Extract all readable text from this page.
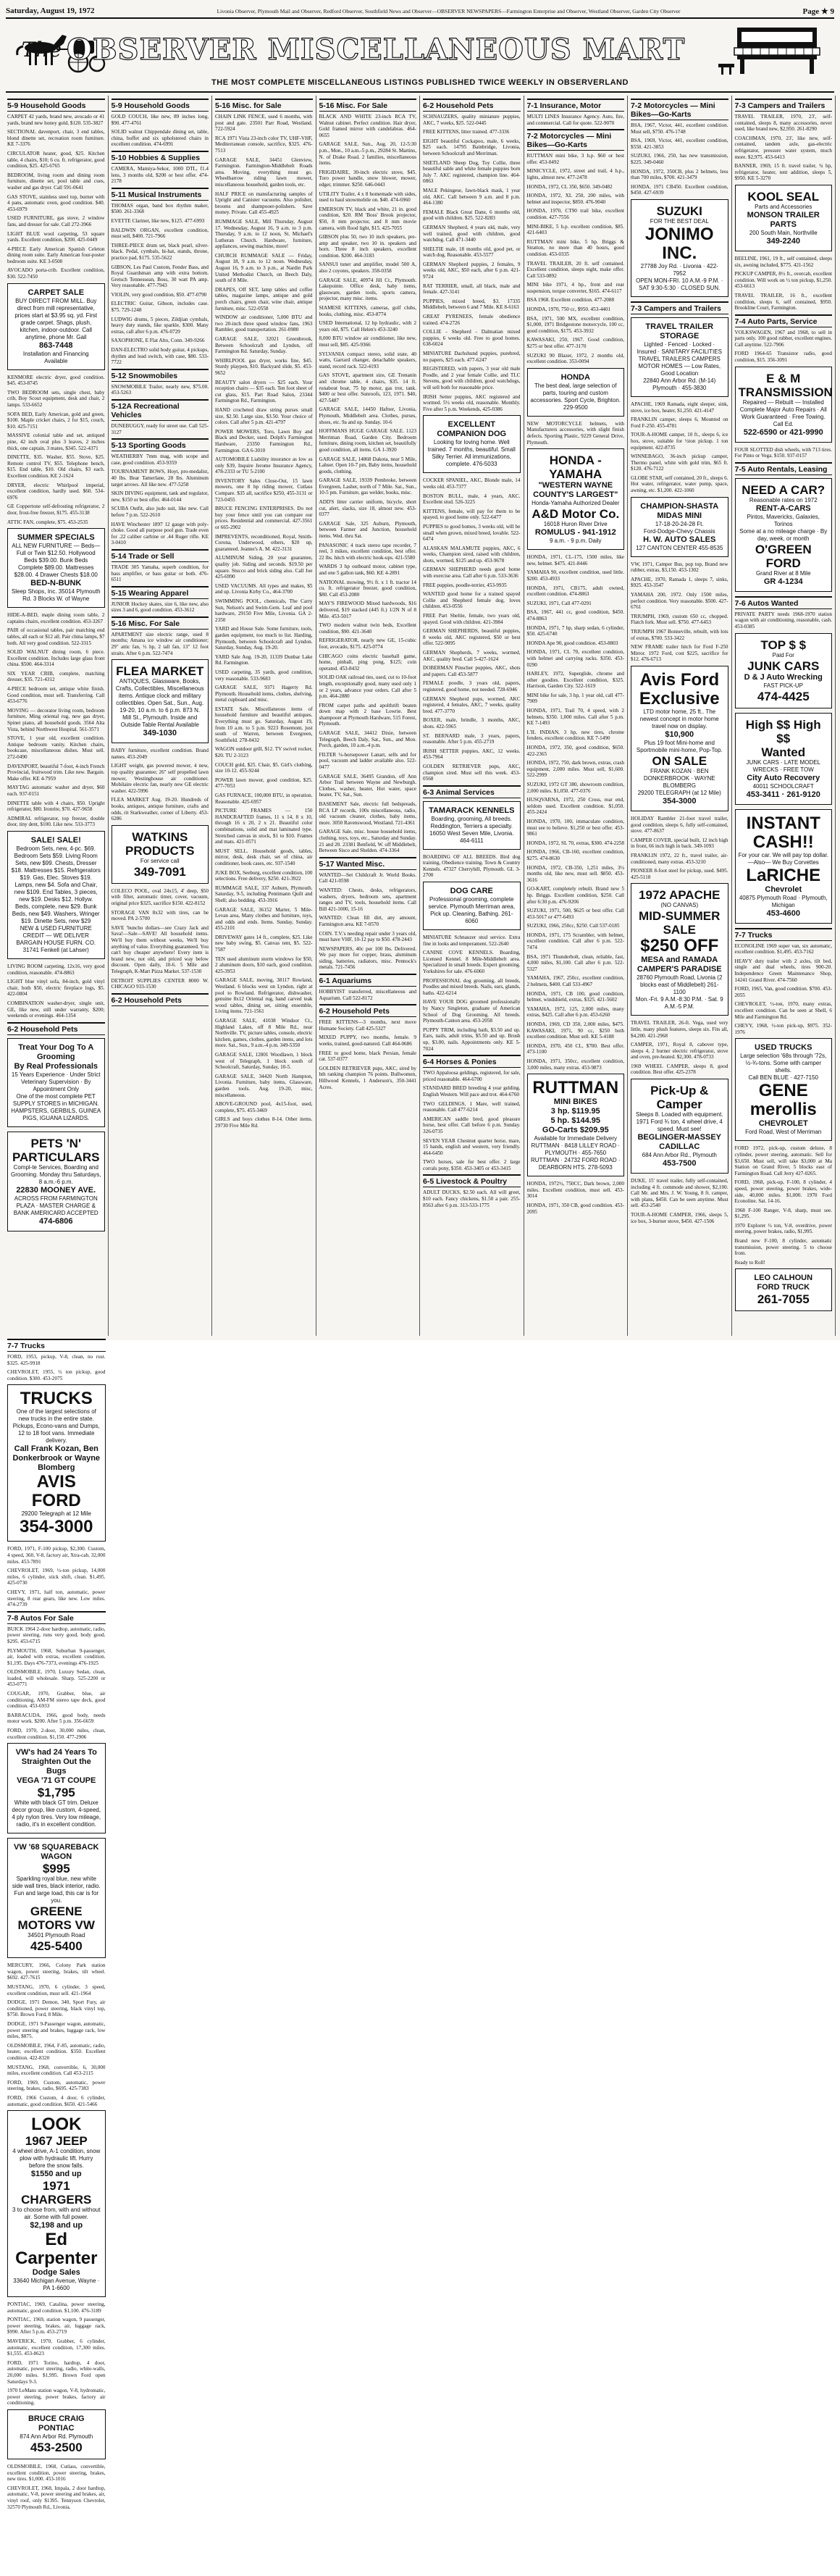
Saturday, August 19, 1972	Livonia Observer, Plymouth Mail and Observer, Redford Observer, Southfield News and Observer—OBSERVER NEWSPAPERS—Farmington Enterprise and Observer, Westland Observer, Garden City Observer	Page ★ 9
The OBSERVER MISCELLANEOUS MART
THE MOST COMPLETE MISCELLANEOUS LISTINGS PUBLISHED TWICE WEEKLY IN OBSERVERLAND
5-9 Household Goods

CARPET 42 yards, brand new, avocado or 41 yards, brand new honey gold, $120. 535-3827

SECTIONAL davenport, chair, 3 end tables, blond dinette set, recreation room furniture. KE 7-3376

CIRCULATOR heater, good, $25. Kitchen table, 4 chairs, $10; 6 cu. ft. refrigerator, good condition, $25. 425-6765

BEDROOM, living room and dining room furniture, dinette set, pool table and cues, washer and gas dryer. Call 591-0641

GAS STOVE, stainless steel top, burner with 4 pans, automatic oven, good condition. $40. 453-6979

USED FURNITURE, gas stove, 2 window fans, and dresser for sale. Call 272-3966

LIGHT BLUE wool carpeting, 53 square yards. Excellent condition, $200. 425-0449

4-PIECE Early American Spanish Celeton dining room suite. Early American four-poster bedroom suite. KE 3-0500

AVOCADO porta-crib. Excellent condition, $30. 522-7450

CARPET SALE
BUY DIRECT FROM MILL. Buy direct from mill representative, prices start at $3.95 sq. yd. First grade carpet. Shags, plush, kitchen, indoor-outdoor. Call anytime, phone Mr. Gail
863-7448
Installation and Financing Available

KENMORE electric dryer, good condition. $45. 453-8745

TWO BEDROOM sets, single chest, baby crib, Boy Scout equipment, desk and chair, 2 lamps. 533-6652

SOFA BED, Early American, gold and green, $100. Maple cricket chairs, 2 for $15, couch, $10. 425-7151

MASSIVE colonial table and set, antiqued pine, 42 inch oval plus 3 leaves, 2 inches thick, one captain, 3 mates, $345. 522-4371

DINETTE, $35. Washer, $55. Stove, $25. Remote control TV, $55. Telephone bench, $15. End table, $10. Old chairs, $3 each. Excellent condition. KE 2-1624

DRYER, electric Whirlpool imperial, excellent condition, hardly used. $60. 534-6976

GE Coppertone self-defrosting refrigerator, 2 door, frost-free freezer, $175. 455-3138

ATTIC FAN, complete, $75. 453-2535

SUMMER SPECIALS
ALL NEW FURNITURE — Beds—Full or Twin $12.50. Hollywood Beds $39.00. Bunk Beds Complete $89.00. Mattresses $28.00. 4 Drawer Chests $18.00
BED-N-BUNK
Sleep Shops, Inc. 35014 Plymouth Rd. 3 Blocks W. of Wayne

HIDE-A-BED, maple dining room table, 2 captains chairs, excellent condition. 453-3267

PAIR of occasional tables, pair matching end tables, all each or $12 all. Pair china lamps, $7 both. All very good condition. 522-3315

SOLID WALNUT dining room, 6 piece. Excellent condition. Includes large glass front china. $500. 464-3314

SIX YEAR CRIB, complete, matching dresser, $35. 721-4312

4-PIECE bedroom set, antique white finish. Good condition, must sell. Transferring. Call 453-6776

MOVING — decorator living room, bedroom furniture, Ming oriental rug, new gas dryer, Spinet piano, all household goods. 3564 Alta Vista, behind Northwest Hospital. 561-3571

STOVE, 1 year old, excellent condition. Antique bedroom vanity. Kitchen chairs, bookcase, miscellaneous dishes. Must sell. 272-0490

DAVENPORT, beautiful 7-foot, 4-inch French Provincial, fruitwood trim. Like new. Bargain. Make offer. KE 4-7959

MAYTAG automatic washer and dryer, $60 each. 937-0151

DINETTE table with 4 chairs, $50. Upright refrigerator, $80. Ironrite, $70. 427-9658

ADMIRAL refrigerator, top freezer, double door, tiny dent, $100. Like new. 533-3773

SALE! SALE!
Bedroom Sets, new, 4-pc. $69. Bedroom Sets $59. Living Room Sets, new $99. Chests, Dresser $18. Mattresses $15. Refrigerators $19. Gas, Elec. Stoves $19. Lamps, new $4. Sofa and Chair, new $109. End Tables, 3 pieces, new $19. Desks $12. Hollyw. Beds, complete, new $29. Bunk Beds, new $49. Washers, Wringer $19. Dinette Sets, new $29
NEW & USED FURNITURE CREDIT — WE DELIVER
BARGAIN HOUSE FURN. CO. 31741 Fenkell (at Lahser)

LIVING ROOM carpeting, 12x16, very good condition, reasonable. 474-8863

LIGHT blue vinyl sofa, 84-inch, gold vinyl chair, both $50, electric fireplace logs, $5. 422-0804

COMBINATION washer-dryer, single unit, GE, like new, still under warranty, $200; weekends or evenings. 464-1354

6-2 Household Pets
Treat Your Dog To A Grooming
By Real Professionals
15 Years Experience · Under Strict Veterinary Supervision · By Appointment Only
One of the most complete PET SUPPLY STORES in MICHIGAN. HAMPSTERS, GERBILS, GUINEA PIGS, IGUANA LIZARDS.
PETS 'N' PARTICULARS
Compl-te Services, Boarding and Grooming. Monday thru Saturdays, 8 a.m.-6 p.m.
22830 MOONEY AVE.
ACROSS FROM FARMINGTON PLAZA · MASTER CHARGE & BANK AMERICARD ACCEPTED
474-6806
5-9 Household Goods

GOLD COUCH, like new, 89 inches long, $90. 477-4761

SOLID walnut Chippendale dining set, table, china, buffet and six upholstered chairs in excellent condition. 474-6991

5-10 Hobbies & Supplies

CAMERA, Mamiya-Sekor, 1000 DTL, f1.4 lens, 3 months old, $200 or best offer. 474-2178

5-11 Musical Instruments

THOMAS organ, band box rhythm maker, $500. 261-3368

EVETTE Clarinet, like new, $125. 477-6993

BALDWIN ORGAN, excellent condition, must sell, $400. 721-7966

THREE-PIECE drum set, black pearl, silver-black. Pedal, cymbals, hi-hat, stands, throne, practice pad, $175. 535-5622

GIBSON, Les Paul Custom, Fender Bass, and Royal Guardsman amp with extra bottom. Gretsch Tennessean, Boss, 30 watt PA amp. Very reasonable. 477-7943

VIOLIN, very good condition, $50. 477-0790

ELECTRIC Guitar, Gibson, includes case. $75. 729-1248

LUDWIG drums, 5 pieces, Zildjian cymbals, heavy duty stands, like sparkle, $300. Many extras, call after 6 p.m. 476-0729

SAXOPHONE, E Flat Alto, Conn. 349-9266

DAN-ELECTRO solid body guitar, 4 pickups, rhythm and lead switch, with case, $80. 533-7722

5-12 Snowmobiles

SNOWMOBILE Trailer, nearly new, $75.00. 453-5263

5-12A Recreational Vehicles

DUNEBUGGY, ready for street use. Call 525-3127

5-13 Sporting Goods

WEATHERBY 7mm mag, with scope and case, good condition. 453-9359

TOURNAMENT BOWS, Hoyt, pro-medalist, 40 lbs. Bear Tamerlane, 28 lbs. Aluminum target arrows. All like new. 477-5258

SKIN DIVING equipment, tank and regulator, new, $150 or best offer. 464-0144

SCUBA Outfit, also judo suit, like new. Call before 7 p.m. 522-2610

HAVE Winchester 1897 12 gauge with poly-choke. Good all purpose pool gun. Trade even for .22 caliber carbine or .44 Ruger rifle. KE 3-0410

5-14 Trade or Sell

TRADE 305 Yamaha, superb condition, for bass amplifier, or bass guitar or both. 476-6511

5-15 Wearing Apparel

JUNIOR Hockey skates, size 6, like new, also sizes 3 and 6, good condition. 453-3612

5-16 Misc. For Sale

APARTMENT size electric range, used 8 months; Amana ice window air conditioner; 29" attic fan, ½ hp, 2 tall fan, 13" 12 foot straits. After 6 p.m. 522-7474

FLEA MARKET
ANTIQUES, Glassware, Books, Crafts, Collectibles, Miscellaneous items. Antique clock and military collectibles. Open Sat., Sun., Aug. 19-20, 10 a.m. to 6 p.m. 873 N. Mill St., Plymouth. Inside and Outside Table Rental Available
349-1030

BABY furniture, excellent condition. Brand names. 453-2049

LIGHT weight, gas powered mower, 4 new, top quality guarantee; 26" self propelled lawn mower, Westinghouse air conditioner. Mobilaire electric fan, nearly new GE electric washer. 422-5996

FLEA MARKET Aug. 19-20. Hundreds of books, antiques, antique furniture, crafts and odds, rit Starkweather, corner of Liberty. 453-6286

WATKINS PRODUCTS
For service call
349-7091

COLECO POOL, oval 24x15, 4' deep, $50 with filter, automatic timer, cover, vacuum, original price $325, sacrifice $150. 422-8152

STORAGE VAN 8x32 with tires, can be moved. PA 2-5700

SAVE 'buncho dollars—see Crazy Jack and Sava!—Sale—SAVE! All household items. We'll buy them without weeks, We'll buy anything of value. Everything guaranteed. You can't buy cheaper anywhere! Every item is brand new, not old, and priced way below discount. Open daily, 10-6. 5 Mile and Telegraph, K-Mart Pizza Market. 537-1530

DETROIT SUPPLIES CENTER 8000 W. CHICAGO 933-1530

6-2 Household Pets
5-16 Misc. for Sale

CHAIN LINK FENCE, used 6 months, with post and gate. 23501 Parr Road, Westland. 722-5924

RCA 1971 Vista 23-inch color TV, UHF-VHF, Mediterranean console, sacrifice, $325. 476-7513

GARAGE SALE, 34451 Glenview, Farmington. Farmington-Middlebelt Roads area. Moving, everything must go. Wheelbarrow riding lawn mower, miscellaneous household, garden tools, etc.

HALF PRICE on manufacturing samples of Upright and Canister vacuums. Also polisher, brooms and shampooer-polishers. Save money. Private. Call 455-4925

RUMMAGE SALE, Mill Thursday, August 17. Wednesday, August 16, 9 a.m. to 3 p.m. Thursday, 9 a.m. to 12 noon, St. Michael's Lutheran Church. Hardware, furniture, appliances, sewing machine, more!

CHURCH RUMMAGE SALE — Friday, August 18, 9 a.m. to 12 noon. Wednesday, August 16, 9 a.m. to 3 p.m., at Nardin Park United Methodist Church, on Beech Daly, south of 8 Mile.

DRAPES, Off SET, lamp tables and coffee tables, magazine lamps, antique and gold porch chairs, green chair, wine chair, antique furniture, misc. 522-0558

WINDOW air conditioner, 5,000 BTU and two 20-inch three speed window fans, 1963 Rambler, good transportation. 261-0980

GARAGE SALE, 32021 Greenbrook, Between Schoolcraft and Lyndon, off Farmington Rd. Saturday, Sunday.

WHIRLPOOL gas dryer, works fine, $45. Sturdy playpen, $10. Backyard slide, $5. 453-9652

BEAUTY salon dryers — $25 each. Your reception chairs — $35 each. Ten foot sheet of cut glass, $15. Part Road Salon, 23344 Farmington Rd., Farmington.

HAND crocheted draw string purses small size, $2.50. Large size, $3.50. Your choice of colors. Call after 5 p.m. 421-4797

POWER MOWERS, Toro, Lawn Boy and Black and Decker, used. Dolph's Farmington Hardware, 23350 Farmington Rd., Farmington. GA 6-3010

AUTOMOBILE Liability insurance as low as only $39, Inquire Jerome Insurance Agency, 478-2333 or TU 5-2100

INVENTORY Sales Close-Out, 15 lawn mowers, one 8 hp riding mower, Cutlass Compare. $35 all, sacrifice $250, 455-3131 or 723-0455

BRUCE FENCING ENTERPRISES. Do not buy your fence until you can compare our prices. Residential and commercial. 427-3561 or 665-2902

IMPREVENTS, reconditioned, Royal, Smith-Corona, Underwood, others, $20 up, guaranteed. Jeanne's A. M. 422-3131

ALUMINUM Siding, 20 year guarantee, quality job. Siding and seconds. $19.50 per square. Stucco and brick siding also. Call Joe 425-6990

USED VACUUMS. All types and makes, $5 and up. Livonia Kirby Co., 464-3700

SWIMMING POOL, chemicals, The Carry Sun, Nelson's and Swim-Gem. Leaf and pool hardware, 29150 Five Mile, Livonia. GA 2-2350

YARD and House Sale. Some furniture, tools, garden equipment, too much to list. Harding, Plymouth, between Schoolcraft and Lyndon. Saturday, Sunday, Aug. 19-20.

YARD Sale Aug. 19-20, 11339 Dunbar Lake Rd. Farmington.

USED carpeting, 35 yards, good condition, very reasonable. 533-9683

GARAGE SALE, 9371 Hagerty Rd. Plymouth. Household items, clothes, shelving, metal cupboard and misc.

ESTATE Sale. Miscellaneous items of household furniture and beautiful antiques. Everything must go. Saturday, August 19, from 10 a.m. to 5 p.m. 9223 Rosemont, just south of Warren, between Evergreen, Southfield. 278-0432

WAGON outdoor grill, $12. TV swivel rocker, $20. TU 2-3123

COUCH gold, $25. Chair, $5. Girl's clothing, size 10-12. 455-9244

POWER lawn mower, good condition, $25. 477-7053

GAS FURNACE, 100,000 BTU, in operation. Reasonable. 425-6957

PICTURE FRAMES — 150 HANDCRAFTED frames, 11 x 14, 8 x 10, through 16 x 20, 2 x 21. Beautiful color combinations, solid and mat laminated type. Stretched canvas in stock, $1 to $10. Frames and mats. 421-0571

MUST SELL. Household goods, tables, mirror, desk, desk chair, set of china, air conditioner, book cases, etc. 937-1540

JUKE BOX, Seeburg, excellent condition, 100 selections. Free delivery, $250. 421-3922

RUMMAGE SALE, 337 Auburn, Plymouth. Saturday, 9-5, including Pentimann Quilt and Shell; also bedding. 453-3916

GARAGE SALE, 36152 Marter, 5 Mile-Levan area, Many clothes and furniture, toys, and odds and ends. Items. Sunday, Sunday. 455-2101

DRIVEWAY gates 14 ft., complete, $25. Like new baby swing, $5. Canvas tent, $5. 522-7587

TEN used aluminum storm windows for $50, 2 aluminum doors, $10 each, good condition. 425-3953

GARAGE SALE, moving, 38117 Rowland, Westland. 6 blocks west on Lyndon, right at pool to Rowland. Refrigerator, dishwasher, genuine 8x12 Oriental rug, hand carved teak wood tables, dining set, sitting ensemble, Living items. 721-1561

GARAGE SALE, 41038 Windsor Ct., Highland Lakes, off 8 Mile Rd., near Northville. TV, picture tables, console, electric kitchen, games, clothes, garden items, and lots more. Sat., Sun., 9 a.m.-4 p.m. 349-5350

GARAGE SALE, 12801 Woodlawn, 1 block west of Telegraph, 1 block south of Schoolcraft, Saturday, Sunday, 10-5.

GARAGE SALE, 34420 North Hampton, Livonia. Furniture, baby items, Glassware, garden tools. Aug. 19-20, misc, miscellaneous.

ABOVE-GROUND pool, 4x15-foot, used, complete, $75. 455-3469

GIRLS and boys clothes 8-14. Other items. 29730 Five Mile Rd.

5-16 Misc. For Sale

BLACK AND WHITE 23-inch RCA TV, Walnut cabinet. Perfect condition. Hair dryer, Gold framed mirror with candelabras. 464-0655

GARAGE SALE, Sun., Aug. 20, 12-5:30 p.m., Mon., 10 a.m.-5 p.m., 29284 St. Martins, N. of Drake Road. 2 families, miscellaneous items.

FRIGIDAIRE, 30-inch electric stove, $45. Toro power handle, snow blower, mower, edger, trimmer. $250. 646-0443

UTILITY Trailer, 4 x 8 homemade with sides, used to haul snowmobile on. $40. 474-6960

EMERSON TV, black and white, 21 in. good condition, $20. RM 'Boss' Brook projector, $50, 8 mm projector, and 8 mm movie camera, with flood light, $15. 425-7055

GIBSON plus 50, two 10 inch speakers, pre-amp and speaker, two 10 in. speakers and horn. Three 8 inch speakers, excellent condition. $200. 464-3183

SANSUI tuner and amplifier, model 500 A, also 2 coyotes, speakers. 358-0358

GARAGE SALE, 40974 Jill Ct., Plymouth. Lakepointe. Office desk, baby items, glassware, garden tools, sports camera, projector, many misc. items.

SIAMESE KITTENS, cameras, golf clubs, books, clothing, misc. 453-8774

USED International, 12 hp hydraulic, with 2 years old, $75. Call Helen's 453-3240

8,000 BTU window air conditioner, like new, must sell, $85. 425-9366

SYLVANIA compact stereo, solid state, 40 watts, Garrard changer, detachable speakers, stand, record rack. 522-4193

GAS STOVE, apartment size, GE Trenanin and chrome table, 4 chairs, $35. 14 ft. runabout boat, 75 hp motor, gas trot, tank. $400 or best offer. Sunroofs, 123, 1971. $40, 427-5487

GARAGE SALE, 14450 Hafner, Livonia, Plymouth, Middlebelt area. Clothes, purses, shoes, etc. 9a and up. Sunday. 10-6

HOFFMANS HUGE GARAGE SALE. 1123 Merriman Road, Garden City. Bedroom furniture, dining room, kitchen set, beautifully good condition, all items. GA 1-3920

GARAGE SALE, 14868 Dakota, near 5 Mile, Lahser. Open 10-7 pm, Baby items, household goods, clothing.

GARAGE SALE, 19339 Pembroke, between Evergreen, Lasher, north of 7 Mile. Sat., Sun., 10-5 pm. Furniture, gas welder, books, misc.

ADD'S litter carrier uniform, bicycle, short cut, alert, slacks, size 18, almost new. 453-0377

GARAGE Sale, 325 Auburn, Plymouth, between Farmer and Junction, household items. Wed. thru Sat.

PANASONIC 4 track stereo tape recorder, 7 reel, 3 mikes, excellent condition, best offer. 22 lbs. hitch with electric hook-ups. 421-5580

WARDS 3 hp outboard motor, cabinet type, and one 5 gallon tank, $60. KE 4-2891

NATIONAL mowing, 9½ ft. x 1 ft. tractor 14 cu. ft. refrigerator freezer, good condition, $80. Call 453-2080

MAY'S FIREWOOD Mixed hardwoods, $16 delivered, $19 stacked (445 ft.) 1/2N N of 8 Mile. 453-5017

TWO modern walnut twin beds, Excellent condition, $90. 421-3640

REFRIGERATOR, nearly new GE, 15-cubic foot, avocado, $175. 425-0774

CHICAGO coins electric baseball game, home, pinball, ping pong, $125; coin operated. 453-8432

SOLID OAK railroad ties, used, cut to 10-foot length, exceptionally good, many used only 1 or 2 years, advance your orders. Call after 5 p.m. 464-2880

FROM carpet paths and apolthrift beaten down map with 2 base Lowrie. Best shampooer at Plymouth Hardware, 515 Forest, Plymouth.

GARAGE SALE, 34412 Dixie, between Telegraph, Beech Daly, Sat., Sun., and Mon. Porch, garden, 10 a.m.-4 p.m.

FILTER ¼-horsepower Lanart, sells and for pool, vacuum and ladder available also. 522-0477

GARAGE SALE, 36495 Grandon, off Ann Arbor Trail between Wayne and Newburgh. Clothes, washer, heater, Hot water, space heater, TV, Sat., Sun.

BASEMENT Sale, electric full bedspreads, RCA LP records, 100s miscellaneous, radio, old vacuum cleaner, clothes, baby items, more. 3050 Ravenswood, Westland. 721-4361

GARAGE Sale, misc. house household items, clothing, toys, toys, etc., Saturday and Sunday. 21 and 20. 23381 Benfield, W. off Middlebelt, Between Sisco and Shelden. 474-3364

5-17 Wanted Misc.

WANTED—Set Childcraft Jr. World Books. Call 421-0598

WANTED: Chests, desks, refrigerators, washers, dryers, bedroom sets, apartment ranges and TV, tools, household items. Call Bill 421-1000, 15-16

WANTED: Clean fill dirt, any amount, Farmington area. KE 7-0570

COIN. T.V.'s needing repair under 3 years old, must have VHF, 10-12 pay to $50. 478-2443

NEWSPAPERS, 40c per 100 lbs. Delivered. We pay more for copper, brass, aluminum siding, batteries, radiators, misc. Pennock's metals. 721-7456

6-1 Aquariums

HOBBYIST transferred, miscellaneous and Aquarium. Call 522-8172

6-2 Household Pets

FREE KITTENS—3 months, next move Humane Society. Call 425-5327

MIXED PUPPY, two months, female. 9 weeks, trained, good-natured. Call 464-0686

FREE to good home, black Persian, female cat. 537-0377

GOLDEN RETRIEVER pups, AKC, sired by hth ranking champion 76 points. Bullwomen, Hillwood Kennels, 1 Anderson's, 350-3441 Acres.

6-2 Household Pets

SCHNAUZERS, quality miniature puppies, AKC, 7 weeks, $25. 522-0445

FREE KITTENS, litter trained. 477-3336

EIGHT beautiful Cockapoo, male, 6 weeks, $25 each. 14795 Bainbridge, Livonia, between Schoolcraft and Merriman.

SHETLAND Sheep Dog, Toy Collie, three beautiful sable and white female puppies born July 7. AKC registered, champion line. 464-0863

MALE Pekingese, fawn-black mask, 1 year old, AKC. Call between 9 a.m. and 8 p.m. 464-1380

FEMALE Black Great Dane, 6 months old, good with children. $25. 522-8283

GERMAN Shepherd, 4 years old, male, very well trained, good with children, good watchdog. Call 471-3440

SHELTIE male, 18 months old, good pet, or watch dog. Reasonable. 453-5577

GERMAN Shepherd puppies, 2 females, 9 weeks old, AKC, $50 each, after 6 p.m. 421-9724

RAT TERRIER, small, all black, male and female. 427-3141

PUPPIES, mixed breed, $3. 17335 Middlebelt, between 6 and 7 Mile. KE 8-6163

GREAT PYRENEES, female obedience trained. 474-2726

COLLIE - Shepherd - Dalmatian mixed puppies, 6 weeks old. Free to good homes. 638-6024

MINIATURE Dachshund puppies, purebred, no papers, $25 each. 477-6247

REGISTERED, with papers, 3 year old male Poodle, and 2 year female Collie, and TLC Stevens, good with children, good watchdogs, will sell both for reasonable price.

IRISH Setter puppies, AKC registered and wormed. 5½ weeks old, reasonable. Monthly. Five after 5 p.m. Weekends, 425-0386

EXCELLENT COMPANION DOG
Looking for loving home. Well trained. 7 months, beautiful. Small Silky Terrier. All immunizations, complete. 476-5033

COCKER SPANIEL, AKC, Blonde male, 14 weeks old. 453-7377

BOSTON BULL, male, 4 years, AKC. Excellent stud. 526-3225

KITTENS, female, will pay for them to be spayed, to good home only. 522-6477

PUPPIES to good homes, 3 weeks old, will be small when grown, mixed breed, lovable. 522-6474

ALASKAN MALAMUTE puppies, AKC, 6 weeks, Champion sired, raised with children, shots, wormed, $125 and up. 453-9678

GERMAN SHEPHERD needs good home with exercise area. Call after 6 p.m. 533-3636

FREE puppies, poodle-terrier, 453-9935

WANTED good home for a trained spayed Collie and Shepherd female dog, loves children. 453-0556

FREE Part Sheltie, female, two years old, spayed. Good with children. 421-3984

GERMAN SHEPHERDS, beautiful puppies, 8 weeks old, AKC registered, $50 or best offer. 522-9095

GERMAN Shepherds, 7 weeks, wormed, AKC, quality bred. Call 5-427-1624

DOBERMAN Pinscher puppies, AKC, shots and papers. Call 453-5877

FEMALE poodle, 3 years old, papers, registered, good home, not needed. 728-6946

GERMAN Shepherd pups, wormed, AKC registered, 4 females, AKC, 7 weeks, quality bred. 477-3770

BOXER, male, brindle, 3 months, AKC, shots. 422-5965

ST. BERNARD male, 3 years, papers, reasonable. After 5 p.m. 455-2719

IRISH SETTER puppies, AKC, 12 weeks. 453-7964

GOLDEN RETRIEVER pups, AKC, champion sired. Must sell this week. 453-0568

6-3 Animal Services
TAMARACK KENNELS
Boarding, grooming, All breeds. Reddington, Terriers a specialty. 16050 West Seven Mile, Livonia. 464-6111

BOARDING OF ALL BREEDS. Bird dog training, Obedience training. Town & Country Kennels. 47327 Cherryhill, Plymouth. GL 3-2700

DOG CARE
Professional grooming, complete service. Plymouth Merriman area, Pick up. Cleaning, Bathing. 261-6060

MINIATURE Schnauzer stud service. Extra fine in looks and temperament. 522-2640

CANINE COVE KENNELS. Boarding, Licensed Kennel. 8 Mile-Middlebelt area. Specialized in small breeds. Expert grooming. Yorkshires for sale. 476-6060

PROFESSIONAL dog grooming, all breeds, Poodles and mixed breeds. Nails, ears, glands, baths. 422-6214

HAVE YOUR DOG groomed professionally by Nancy Singleton, graduate of American School of Dog Grooming. All breeds. Plymouth-Canton area. 453-2058

PUPPY TRIM, including bath, $3.50 and up. Ears, nails, adult trims, $5.50 and up. Brush up, $3.00, nails. Appointments only. KE 5-7024

6-4 Horses & Ponies

TWO Appaloosa geldings, registered, for sale, priced reasonable. 464-6700

STANDARD BRED breeding 4 year gelding. English Western. Will pace and trot. 464-6760

TWO GELDINGS, 1 Mare, well trained, reasonable. Call 477-6214

AMERICAN saddle bred, good pleasure horse, best offer. Call before 6 p.m. Sunday. 326-0735

SEVEN YEAR Chestnut quarter horse, mare, 15 hands, english and western, very friendly. 464-6450

TWO horses, sale for best offer. 2 large corrals pony, $350. 453-3405 or 453-3415

6-5 Livestock & Poultry

ADULT DUCKS, $2.50 each. All will greet, $10 each. Fancy chickens, $1.50 a pair. 255-8563 after 6 p.m. 313-533-1775

7-1 Insurance, Motor

MULTI LINES Insurance Agency. Auto, fire, and commercial. Call for quote. 522-9070

7-2 Motorcycles — Mini Bikes—Go-Karts

RUTTMAN mini bike, 3 h.p. $60 or best offer. 453-0492

MINICYCLE, 1972, street and trail, 4 h.p., lights, almost new. 477-2478

HONDA, 1972, CL 350, $650. 349-0482

HONDA, 1972, XL 250, 200 miles, with helmet and inspector, $850. 476-9040

HONDA, 1970, CT90 trail bike, excellent condition. 427-7556

MINI-BIKE, 5 h.p. excellent condition, $85. 421-6403

RUTTMAN mini bike, 5 hp. Briggs & Stratton, no more than 40 hours, good condition. 453-0335

TRAVEL TRAILER, 20 ft. self contained. Excellent condition, sleeps eight, make offer. Call 533-0892

MINI bike 1971, 4 hp., front and rear suspension, torque converter, $165. 474-6117

BSA 1968. Excellent condition. 477-2088

HONDA, 1970, 750 cc, $950. 453-4401

BSA, 1971, 500 MX, excellent condition, $1,000, 1971 Bridgestone motorcycle, 100 cc, good condition, $175. 453-3932

KAWASAKI, 250, 1967. Good condition, $275 or best offer. 477-3170

SUZUKI 90 Blazer, 1972, 2 months old, excellent condition. 353-0094

HONDA
The best deal, large selection of parts, touring and custom accessories. Sport Cycle, Brighton. 229-9500

NEW MOTORCYCLE helmets, with Manufacturers accessories, with slight finish defects. Sporting Plastic, 9229 General Drive, Plymouth.

HONDA - YAMAHA
"WESTERN WAYNE COUNTY'S LARGEST"
Honda-Yamaha Authorized Dealer
A&D Motor Co.
16018 Huron River Drive
ROMULUS - 941-1912
9 a.m. - 9 p.m. Daily

HONDA, 1971, CL-175, 1500 miles, like new, helmet. $475. 421-8446

YAMAHA 90, excellent condition, used little. $200. 453-4933

HONDA, 1971, CB175, adult owned, excellent condition. 474-8863

SUZUKI, 1971, Call 477-0291

BSA, 1967, 441 cc, good condition, $450. 474-8863

HONDA, 1971, 7 hp, sharp sedan, 6 cylinder, $50. 425-6740

HONDA Ape 90, good condition. 453-8803

HONDA, 1971, CL 70, excellent condition, with helmet and carrying racks. $350. 453-0290

HARLEY, 1972, Superglide, chrome and other goodies. Excellent condition, $325. Harrison, Garden City. 522-1619

MINI bike for sale, 3 hp, 1 year old, call 477-7909

HONDA, 1971, Trail 70, 4 speed, with 2 helmets, $350. 1,000 miles. Call after 5 p.m. KE 7-1493

L'IL INDIAN, 3 hp, new tires, chrome fenders, excellent condition. KE 7-1490

HONDA, 1972, 350, good condition, $650. 422-2365

HONDA, 1972, 750, dark brown, extras, crash equipment, 2,000 miles. Must sell, $1,600. 522-2999

SUZUKI, 1972 GT 380, showroom condition, 2,000 miles. $1,050. 477-0376

HUSQVARNA, 1972, 250 Cross, rear end, seldom used. Excellent condition. $1,050. 455-2424

HONDA, 1970, 100, immaculate condition, must see to believe. $1,250 or best offer. 453-9861

HONDA, 1972, SL 70, extras, $300. 474-2258

HONDA, 1966, CB-160, excellent condition, $275. 474-8630

HONDA, 1972, CB-350, 1,251 miles, 3½ months old, like new, must sell. $850. 453-3616

GO-KART, completely rebuilt. Brand new 5 hp. Briggs. Excellent condition, $250. Call after 6:30 p.m. 476-9206

SUZUKI, 1971, 500, $625 or best offer. Call 453-5017 or 477-6493

SUZUKI, 1966, 250cc, $250. Call 537-0185

HONDA, 1971, 175 Scrambler, with helmet, excellent condition. Call after 6 p.m. 522-7474

BSA, 1971 Thunderbolt, clean, reliable, fast, 4,000 miles, $1,100. Call after 6 p.m. 522-5327

YAMAHA, 1967, 250cc, excellent condition, 2 helmets, $400. Call 533-4967

HONDA, 1971, CB 100, good condition, helmet, windshield, extras, $325. 421-5602

YAMAHA, 1972, 125, 2,000 miles, many extras, $425. Call after 6 p.m. 453-6260

HONDA, 1969, CD 350, 2,000 miles, $475. KAWASAKI, 1971, 90 cc, $250 both excellent condition. Must sell. KE 5-4188

HONDA, 1970, 450 CL, $700. Best offer. 473-1100

HONDA, 1971, 350cc, excellent condition, 3,000 miles, many extras. 453-9873

RUTTMAN
MINI BIKES
3 hp. $119.95
5 hp. $144.95
GO-Carts $209.95
Available for Immediate Delivery
RUTTMAN · 8418 LILLEY ROAD · PLYMOUTH · 455-7650
RUTTMAN · 24732 FORD ROAD · DEARBORN HTS. 278-5093

HONDA, 1972½, 750CC, Dark brown, 2,000 miles. Excellent condition, must sell. 453-3014

HONDA, 1971, 350 CB, good condition. 453-2095

7-2 Motorcycles — Mini Bikes—Go-Karts

BSA, 1967, Victor, 441, excellent condition. Must sell, $750. 476-1748

BSA, 1969, Victor, 441, excellent condition, $550. 421-3853

SUZUKI, 1966, 250, has new transmission, $225. 349-0460

HONDA, 1972, 350CB, plus 2 helmets, less than 700 miles, $700. 421-3479

HONDA, 1971 CB450. Excellent condition, $450. 427-6939

SUZUKI
FOR THE BEST DEAL
JONIMO INC.
27788 Joy Rd. · Livonia · 422-7952
OPEN MON-FRI. 10 A.M.-9 P.M. · SAT 9:30-5:30 · CLOSED SUN.
7-3 Campers and Trailers
TRAVEL TRAILER STORAGE
Lighted · Fenced · Locked · Insured · SANITARY FACILITIES
TRAVEL TRAILERS CAMPERS MOTOR HOMES — Low Rates, Good Location
22840 Ann Arbor Rd. (M-14) Plymouth · 455-3830

APACHE, 1969 Ramada, eight sleeper, sink, stove, ice box, heater, $1,250. 421-4147

FRANKLIN camper, sleeps 6, Mounted on Ford F-250. 455-4781

TOUR-A-HOME camper, 10 ft., sleeps 6, ice box, stove, suitable for ½ton pickup. 1 ton equipment. 422-8735

WINNEBAGO, 36-inch pickup camper, Thermo panel, white with gold trim, $65 ft. $120. 476-7122

GLOBE STAR, self contained, 20 ft., sleeps 6. Hot water, refrigerator, water pump, space, awning, etc. $1,200. 422-1060

CHAMPION-SHASTA MIDAS MINI
17-18-20-24-28 Ft.
Ford-Dodge-Chevy Chassis
H. W. AUTO SALES
127 CANTON CENTER 455-8535

VW, 1971, Camper Bus, pop top, Brand new rubber, extras, $3,150. 453-1302

APACHE, 1970, Ramada 1, sleeps 7, sinks, $925. 453-3547

YAMAHA 200, 1972. Only 1500 miles, perfect condition. Very reasonable. $500. 427-6761

TRIUMPH, 1969, custom 650 cc, chopped. Flatch fork. Must sell. $750. 477-6453

TRIUMPH 1967 Bonneville, rebuilt, with lots of extras, $700. 533-3422

NEW FRAME trailer hitch for Ford F-250 Mirror. 1972 Ford, cost $225, sacrifice for $12. 476-6713

Avis Ford
Exclusive
LTD motor home, 25 ft.. The newest concept in motor home travel now on display.
$10,900
Plus 19 foot Mini-home and Sportmobile mini-home, Pop-Top.
ON SALE
FRANK KOZAN · BEN DONKERBROOK · WAYNE BLOMBERG
29200 TELEGRAPH (at 12 Mile)
354-3000

HOLIDAY Rambler 21-foot travel trailer, good condition, sleeps 6, fully self-contained, stove. 477-8637

CAMPER COVER, special built, 12 inch high in front, 66 inch high in back. 349-1093

FRANKLIN 1972, 22 ft., travel trailer, air-conditioned, many extras. 453-3210

PIONEER 8-foot steel for pickup, used. $495. 425-5118

1972 APACHE
(NO CANVAS)
MID-SUMMER SALE
$250 OFF
MESA and RAMADA CAMPER'S PARADISE
28760 Plymouth Road, Livonia (2 blocks east of Middlebelt) 261-1100
Mon.-Fri. 9 A.M.-8:30 P.M. · Sat. 9 A.M.-5 P.M.

TRAVEL TRAILER, 26-ft. Vega, used very little, many plush features, sleeps six. Fits all, $4,200. 421-2968

CAMPER, 1971, Royal 8, cabover type, sleeps 4, 2 burner electric refrigerator, stove and oven, pre-heated. $2,300. 478-0733

1969 WHEEL CAMPER, sleeps 8, good condition. Best offer. 425-2378

Pick-Up & Camper
Sleeps 8. Loaded with equipment. 1971 Ford ¾ ton, 4 wheel drive, 4 speed. Must see!
BEGLINGER-MASSEY CADILLAC
684 Ann Arbor Rd., Plymouth
453-7500

DUKE, 15' travel trailer, fully self-contained, including 4 ft. commode and shower, $2,100. Call Mr. and Mrs. J. W. Young, 8 ft. camper, with plans, $450. Can be seen anytime. Must sell. 453-2540

TOUR-A-HOME CAMPER, 1966, sleeps 5, ice box, 3-burner stove, $450. 427-1506

7-3 Campers and Trailers

TRAVEL TRAILER, 1970, 23', self-contained, sleeps 8, many accessories, never used, like brand new, $2,950. 261-8290

COACHMAN, 1970, 23', like new, self-contained, tandem axle, gas-electric refrigerator, pressure water system, much more. $2,975. 453-6413

BANNER, 1969, 15 ft. travel trailer, ¾ hp, refrigerator, heater, tent addition, sleeps 5, $950. KE 5-3270

KOOL SEAL
Parts and Accessories
MONSON TRAILER PARTS
200 South Main, Northville
349-2240

BEELINE, 1961, 19 ft., self contained, sleeps six, awning included, $775. 421-1562

PICKUP CAMPER, 8½ ft., overcab, excellent condition. Will work on ½ ton pickup, $1,250. 453-6613

TRAVEL TRAILER, 16 ft., excellent condition, sleeps 6, self contained, $950. Brookline Court, Farmington.

7-4 Auto Parts, Service

VOLKSWAGEN, 1967 and 1968, to sell in parts only. 100 good rubber, excellent engines. Call anytime. 522-7906

FORD 1964-65 Transistor radio, good condition, $15. 356-3091

E & M TRANSMISSION
Repaired — Rebuilt — Installed
Complete Major Auto Repairs · All Work Guaranteed · Free Towing. Call Ed.
522-6590 or 421-9990

FOUR SLOTTED dish wheels, with 713 tires. For Pinto or Vega. $150. 937-0157

7-5 Auto Rentals, Leasing
NEED A CAR?
Reasonable rates on 1972
RENT-A-CARS
Pintos, Mavericks, Galaxies, Torinos
Some at a no mileage charge · By day, week, or month
O'GREEN FORD
Grand River at 8 Mile
GR 4-1234
7-6 Autos Wanted

PRIVATE PARTY needs 1968-1970 station wagon with air conditioning, reasonable, cash. 453-0385

TOP $ $
Paid For
JUNK CARS
D & J Auto Wrecking
FAST PICK-UP
474-4425
High $$ High $$
Wanted
JUNK CARS · LATE MODEL WRECKS · FREE TOW
City Auto Recovery
40011 SCHOOLCRAFT
453-3411 · 261-9120
INSTANT CASH!!
For your car. We will pay top dollar.
—Also— We Buy Corvettes
LaRICHE
Chevrolet
40875 Plymouth Road · Plymouth, Michigan
453-4600
7-7 Trucks

ECONOLINE 1969 super van, six automatic, excellent condition. $1,495. 453-7162

HEAVY duty trailer with 2 axles, tilt bed, single and dual wheels, tires 900-20. Independence Green Maintenance Shop, 14241 Grand River. 474-7560

FORD, 1965, Van, good condition. $700. 453-2055

CHEVROLET, ½-ton, 1970, many extras, excellent condition. Can be seen at Shell, 6 Mile and Farmington Rd.

CHEVY, 1968, ½-ton pick-up, $975. 352-1976

USED TRUCKS
Large selection '68s through '72s, ½-¾-tons. Some with camper shells.
Call BEN BLUE · 427-7150
GENE merollis
CHEVROLET
Ford Road, West of Merriman

FORD 1972, pick-up, custom deluxe, 8 cylinder, power steering, automatic. Sell for $3,650. Must sell, will take $3,000 at Ma Station on Grand River, 5 blocks east of Farmington Road. Call Jerry 427-0265.

FORD, 1968, pick-up, F-100, 8 cylinder, 4 speed, power steering, power brakes, wide-side, 40,000 miles. $1,000. 1970 Ford Econoline. Sat. 14-16.

1968 F-100 Ranger, V-8, sharp, must see. $1,295.

1970 Explorer ½ ton, V-8, overdrive, power steering, power brakes, radio, $1,995.

Brand new F-100, 8 cylinder, automatic transmission, power steering. 5 to choose from.

Ready to Roll!

LEO CALHOUN
FORD TRUCK
261-7055
7-7 Trucks

FORD, 1953, pickup, V-8, clean, no rust. $325. 425-9918

CHEVROLET, 1955, ½ ton pickup, good condition. $300. 453-2075

TRUCKS
One of the largest selections of new trucks in the entire state. Pickups, Econo-vans and Dumps, 12 to 18 foot vans. Immediate delivery.
Call Frank Kozan, Ben Donkerbrook or Wayne Blomberg
AVIS FORD
29200 Telegraph at 12 Mile
354-3000

FORD, 1971, F-100 pickup, $2,300. Custom, 4 speed, 360, V-8, factory air, Xtra-cab, 32,000 miles. 453-7891

CHEVROLET, 1969, ½-ton pickup, 14,000 miles, 6 cylinder, stick shift, clean. $1,495. 425-0730

CHEVY, 1971, half ton, automatic, power steering, 8 rear gears, like new. Low miles. 474-2739

7-8 Autos For Sale

BUICK 1964 2-door hardtop, automatic, radio, power steering, runs very good, body good. $295. 453-6715

PLYMOUTH, 1968, Suburban 9-passenger, air, loaded with extras, excellent condition. $1,195. Days 476-7373, evenings 476-1925

OLDSMOBILE, 1970, Luxury Sedan, clean, loaded, will wholesale. Sharp. 525-2200 or 453-0771

COUGAR, 1970, Grabber, blue, air conditioning, AM-FM stereo tape deck, good condition. 453-6933

BARRACUDA, 1966, good body, needs motor work. $200. After 5 p.m. 356-6659

FORD, 1970, 2-door, 30,000 miles, clean, excellent condition. $1,150. 477-2906

VW's had 24 Years To Straighten Out the Bugs
VEGA '71 GT COUPE
$1,795
White with black GT trim. Deluxe decor group, like custom, 4-speed, 4 ply nylon tires. Very low mileage, radio, it's in excellent condition.
VW '68 SQUAREBACK WAGON
$995
Sparkling royal blue, new white side wall tires, black interior, radio. Fun and large load, this car is for you.
GREENE MOTORS VW
34501 Plymouth Road
425-5400

MERCURY, 1966, Colony Park station wagon, power steering, brakes, tilt wheel. $692. 427-7615

MUSTANG, 1970, 6 cylinder, 3 speed, excellent condition, must sell. 421-1964

DODGE, 1971 Demon, 340, Sport Fury, air conditioned, power steering, black vinyl top, $750. Brown Ford, 8 Mile.

DODGE, 1971 9-Passenger wagon, automatic, power steering and brakes, luggage rack, low miles, $875.

OLDSMOBILE, 1964, F-85, automatic, radio, heater, excellent condition. $350. Excellent condition. 422-8320

MUSTANG, 1968, convertible, 6, 30,000 miles, excellent condition. Call 453-2115

FORD, 1969, Custom, automatic, power steering, brakes, radio, $695. 425-7383

FORD, 1966 Custom, 4 door, 6 cylinder, automatic, good condition. $650. 421-5466

LOOK
1967 JEEP
4 wheel drive, A-1 condition, snow plow with hydraulic lift. Hurry before the snow falls.
$1550 and up
1971 CHARGERS
3 to choose from, with and without air. Some with full power.
$2,198 and up
Ed Carpenter
Dodge Sales
33640 Michigan Avenue, Wayne · PA 1-6600

PONTIAC, 1969, Catalina, power steering, automatic, good condition. $1,100. 476-3189

PONTIAC, 1969, station wagon, 9 passenger, power steering, brakes, air, luggage rack, $990. After 5 p.m. 453-2719

MAVERICK, 1970, Grabber, 6 cylinder, automatic, excellent condition, 17,300 miles. $1,555. 453-8623

FORD, 1971 Torino, hardtop, 4 door, automatic, power steering, radio, white-walls, 20,000 miles. $1,995. Brown Ford open Saturdays 9-3.

1970 LeMans station wagon, V-8, hydromatic, power steering, power brakes, factory air conditioning.

BRUCE CRAIG PONTIAC
874 Ann Arbor Rd. Plymouth
453-2500

OLDSMOBILE, 1968, Cutlass, convertible, excellent condition, power steering, brakes, new tires. $1,000. 453-1016

CHEVROLET, 1968, Impala, 2 door hardtop, automatic, V-8, power steering and brakes, air, vinyl roof, only $1395. Tennyson Chevrolet, 32570 Plymouth Rd., Livonia.
